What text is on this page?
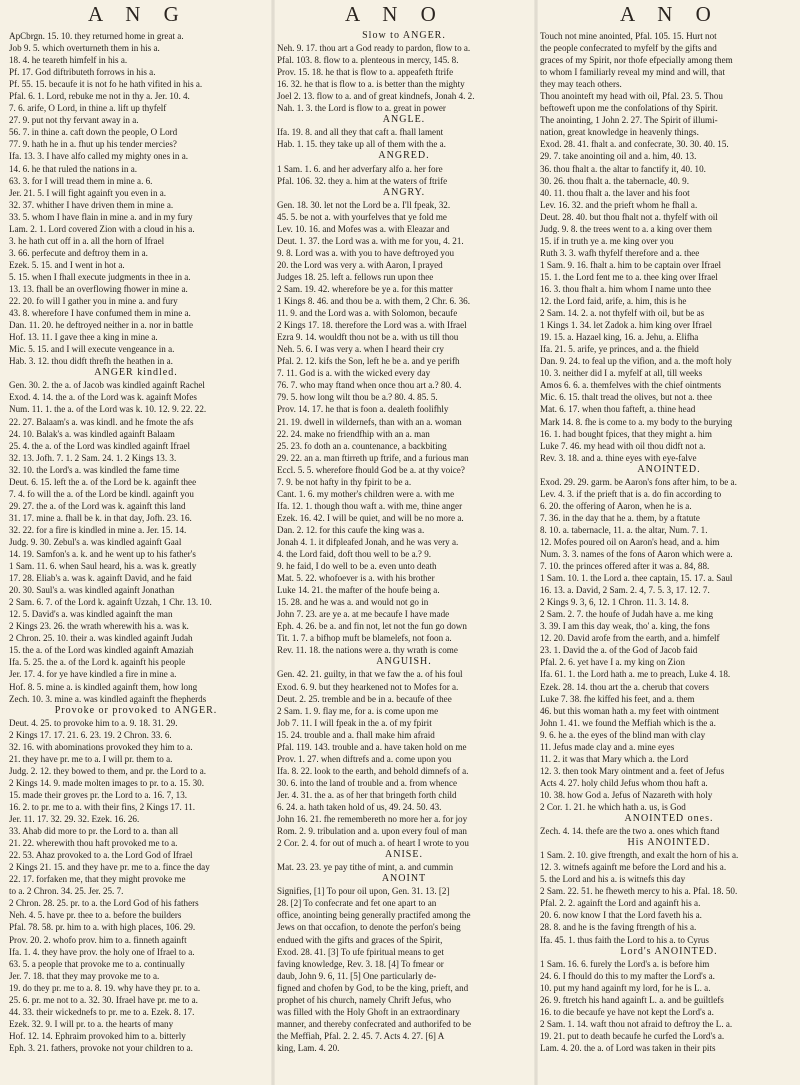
A N G	A N O	A N O
ApCbrgn. 15. 10. they returned home in great a.
Job 9. 5. which overturneth them in his a.
18. 4. he teareth himfelf in his a.
Pf. 17. God diftributeth forrows in his a.
Pf. 55. 15. becaufe it is not fo he hath vifited in his a.
Pfal. 6. 1. Lord, rebuke me not in thy a. Jer. 10. 4.
7. 6. arife, O Lord, in thine a. lift up thyfelf
27. 9. put not thy fervant away in a.
56. 7. in thine a. caft down the people, O Lord
77. 9. hath he in a. fhut up his tender mercies?
Ifa. 13. 3. I have alfo called my mighty ones in a.
14. 6. he that ruled the nations in a.
63. 3. for I will tread them in mine a. 6.
Jer. 21. 5. I will fight againft you even in a.
32. 37. whither I have driven them in mine a.
33. 5. whom I have flain in mine a. and in my fury
Lam. 2. 1. Lord covered Zion with a cloud in his a.
3. he hath cut off in a. all the horn of Ifrael
3. 66. perfecute and deftroy them in a.
Ezek. 5. 15. and I went in hot a.
5. 15. when I fhall execute judgments in thee in a.
13. 13. fhall be an overflowing fhower in mine a.
22. 20. fo will I gather you in mine a. and fury
43. 8. wherefore I have confumed them in mine a.
Dan. 11. 20. he deftroyed neither in a. nor in battle
Hof. 13. 11. I gave thee a king in mine a.
Mic. 5. 15. and I will execute vengeance in a.
Hab. 3. 12. thou didft threfh the heathen in a.
ANGER kindled.
Gen. 30. 2. the a. of Jacob was kindled againft Rachel
Exod. 4. 14. the a. of the Lord was k. againft Mofes
Num. 11. 1. the a. of the Lord was k. 10. 12. 9. 22. 22.
22. 27. Balaam's a. was kindl. and he fmote the afs
24. 10. Balak's a. was kindled againft Balaam
25. 4. the a. of the Lord was kindled againft Ifrael
32. 13. Jofh. 7. 1. 2 Sam. 24. 1. 2 Kings 13. 3.
32. 10. the Lord's a. was kindled the fame time
Deut. 6. 15. left the a. of the Lord be k. againft thee
7. 4. fo will the a. of the Lord be kindl. againft you
29. 27. the a. of the Lord was k. againft this land
31. 17. mine a. fhall be k. in that day, Jofh. 23. 16.
32. 22. for a fire is kindled in mine a. Jer. 15. 14.
Judg. 9. 30. Zebul's a. was kindled againft Gaal
14. 19. Samfon's a. k. and he went up to his father's
1 Sam. 11. 6. when Saul heard, his a. was k. greatly
17. 28. Eliab's a. was k. againft David, and he faid
20. 30. Saul's a. was kindled againft Jonathan
2 Sam. 6. 7. of the Lord k. againft Uzzah, 1 Chr. 13. 10.
12. 5. David's a. was kindled againft the man
2 Kings 23. 26. the wrath wherewith his a. was k.
2 Chron. 25. 10. their a. was kindled againft Judah
15. the a. of the Lord was kindled againft Amaziah
Ifa. 5. 25. the a. of the Lord k. againft his people
Jer. 17. 4. for ye have kindled a fire in mine a.
Hof. 8. 5. mine a. is kindled againft them, how long
Zech. 10. 3. mine a. was kindled againft the fhepherds
Provoke or provoked to ANGER.
Deut. 4. 25. to provoke him to a. 9. 18. 31. 29.
2 Kings 17. 17. 21. 6. 23. 19. 2 Chron. 33. 6.
32. 16. with abominations provoked they him to a.
21. they have pr. me to a. I will pr. them to a.
Judg. 2. 12. they bowed to them, and pr. the Lord to a.
2 Kings 14. 9. made molten images to pr. to a. 15. 30.
15. made their groves pr. the Lord to a. 16. 7, 13.
16. 2. to pr. me to a. with their fins, 2 Kings 17. 11.
Jer. 11. 17. 32. 29. 32. Ezek. 16. 26.
33. Ahab did more to pr. the Lord to a. than all
21. 22. wherewith thou haft provoked me to a.
22. 53. Ahaz provoked to a. the Lord God of Ifrael
2 Kings 21. 15. and they have pr. me to a. fince the day
22. 17. forfaken me, that they might provoke me
to a. 2 Chron. 34. 25. Jer. 25. 7.
2 Chron. 28. 25. pr. to a. the Lord God of his fathers
Neh. 4. 5. have pr. thee to a. before the builders
Pfal. 78. 58. pr. him to a. with high places, 106. 29.
Prov. 20. 2. whofo prov. him to a. finneth againft
Ifa. 1. 4. they have prov. the holy one of Ifrael to a.
63. 5. a people that provoke me to a. continually
Jer. 7. 18. that they may provoke me to a.
19. do they pr. me to a. 8. 19. why have they pr. to a.
25. 6. pr. me not to a. 32. 30. Ifrael have pr. me to a.
44. 33. their wickednefs to pr. me to a. Ezek. 8. 17.
Ezek. 32. 9. I will pr. to a. the hearts of many
Hof. 12. 14. Ephraim provoked him to a. bitterly
Eph. 3. 21. fathers, provoke not your children to a.
Slow to ANGER.
Neh. 9. 17. thou art a God ready to pardon, flow to a.
Pfal. 103. 8. flow to a. plenteous in mercy, 145. 8.
Prov. 15. 18. he that is flow to a. appeafeth ftrife
16. 32. he that is flow to a. is better than the mighty
Joel 2. 13. flow to a. and of great kindnefs, Jonah 4. 2.
Nah. 1. 3. the Lord is flow to a. great in power
ANGLE.
Ifa. 19. 8. and all they that caft a. fhall lament
Hab. 1. 15. they take up all of them with the a.
ANGRED.
1 Sam. 1. 6. and her adverfary alfo a. her fore
Pfal. 106. 32. they a. him at the waters of ftrife
ANGRY.
Gen. 18. 30. let not the Lord be a. I'll fpeak, 32.
45. 5. be not a. with yourfelves that ye fold me
Lev. 10. 16. and Mofes was a. with Eleazar and
Deut. 1. 37. the Lord was a. with me for you, 4. 21.
9. 8. Lord was a. with you to have deftroyed you
20. the Lord was very a. with Aaron, I prayed
Judges 18. 25. left a. fellows run upon thee
2 Sam. 19. 42. wherefore be ye a. for this matter
1 Kings 8. 46. and thou be a. with them, 2 Chr. 6. 36.
11. 9. and the Lord was a. with Solomon, becaufe
2 Kings 17. 18. therefore the Lord was a. with Ifrael
Ezra 9. 14. wouldft thou not be a. with us till thou
Neh. 5. 6. I was very a. when I heard their cry
Pfal. 2. 12. kifs the Son, left he be a. and ye perifh
7. 11. God is a. with the wicked every day
76. 7. who may ftand when once thou art a.? 80. 4.
79. 5. how long wilt thou be a.? 80. 4. 85. 5.
Prov. 14. 17. he that is foon a. dealeth foolifhly
21. 19. dwell in wildernefs, than with an a. woman
22. 24. make no friendfhip with an a. man
25. 23. fo doth an a. countenance, a backbiting
29. 22. an a. man ftirreth up ftrife, and a furious man
Eccl. 5. 5. wherefore fhould God be a. at thy voice?
7. 9. be not hafty in thy fpirit to be a.
Cant. 1. 6. my mother's children were a. with me
Ifa. 12. 1. though thou waft a. with me, thine anger
Ezek. 16. 42. I will be quiet, and will be no more a.
Dan. 2. 12. for this caufe the king was a.
Jonah 4. 1. it difpleafed Jonah, and he was very a.
4. the Lord faid, doft thou well to be a.? 9.
9. he faid, I do well to be a. even unto death
Mat. 5. 22. whofoever is a. with his brother
Luke 14. 21. the mafter of the houfe being a.
15. 28. and he was a. and would not go in
John 7. 23. are ye a. at me becaufe I have made
Eph. 4. 26. be a. and fin not, let not the fun go down
Tit. 1. 7. a bifhop muft be blamelefs, not foon a.
Rev. 11. 18. the nations were a. thy wrath is come
ANGUISH.
Gen. 42. 21. guilty, in that we faw the a. of his foul
Exod. 6. 9. but they hearkened not to Mofes for a.
Deut. 2. 25. tremble and be in a. becaufe of thee
2 Sam. 1. 9. flay me, for a. is come upon me
Job 7. 11. I will fpeak in the a. of my fpirit
15. 24. trouble and a. fhall make him afraid
Pfal. 119. 143. trouble and a. have taken hold on me
Prov. 1. 27. when diftrefs and a. come upon you
Ifa. 8. 22. look to the earth, and behold dimnefs of a.
30. 6. into the land of trouble and a. from whence
Jer. 4. 31. the a. as of her that bringeth forth child
6. 24. a. hath taken hold of us, 49. 24. 50. 43.
John 16. 21. fhe remembereth no more her a. for joy
Rom. 2. 9. tribulation and a. upon every foul of man
2 Cor. 2. 4. for out of much a. of heart I wrote to you
ANISE.
Mat. 23. 23. ye pay tithe of mint, a. and cummin
ANOINT
Signifies, [1] To pour oil upon, Gen. 31. 13. [2]
28. [2] To confecrate and fet one apart to an
office, anointing being generally practifed among the
Jews on that occafion, to denote the perfon's being
endued with the gifts and graces of the Spirit,
Exod. 28. 41. [3] To ufe fpiritual means to get
faving knowledge, Rev. 3. 18. [4] To fmear or
daub, John 9. 6, 11. [5] One particularly de-
figned and chofen by God, to be the king, prieft, and
prophet of his church, namely Chrift Jefus, who
was filled with the Holy Ghoft in an extraordinary
manner, and thereby confecrated and authorifed to be
the Meffiah, Pfal. 2. 2. 45. 7. Acts 4. 27. [6] A
king, Lam. 4. 20.
Touch not mine anointed, Pfal. 105. 15. Hurt not
the people confecrated to myfelf by the gifts and
graces of my Spirit, nor thofe efpecially among them
to whom I familiarly reveal my mind and will, that
they may teach others.
Thou anointeft my head with oil, Pfal. 23. 5. Thou
beftoweft upon me the confolations of thy Spirit.
The anointing, 1 John 2. 27. The Spirit of illumi-
nation, great knowledge in heavenly things.
Exod. 28. 41. fhalt a. and confecrate, 30. 30. 40. 15.
29. 7. take anointing oil and a. him, 40. 13.
36. thou fhalt a. the altar to fanctify it, 40. 10.
30. 26. thou fhalt a. the tabernacle, 40. 9.
40. 11. thou fhalt a. the laver and his foot
Lev. 16. 32. and the prieft whom he fhall a.
Deut. 28. 40. but thou fhalt not a. thyfelf with oil
Judg. 9. 8. the trees went to a. a king over them
15. if in truth ye a. me king over you
Ruth 3. 3. wafh thyfelf therefore and a. thee
1 Sam. 9. 16. fhalt a. him to be captain over Ifrael
15. 1. the Lord fent me to a. thee king over Ifrael
16. 3. thou fhalt a. him whom I name unto thee
12. the Lord faid, arife, a. him, this is he
2 Sam. 14. 2. a. not thyfelf with oil, but be as
1 Kings 1. 34. let Zadok a. him king over Ifrael
19. 15. a. Hazael king, 16. a. Jehu, a. Elifha
Ifa. 21. 5. arife, ye princes, and a. the fhield
Dan. 9. 24. to feal up the vifion, and a. the moft holy
10. 3. neither did I a. myfelf at all, till weeks
Amos 6. 6. a. themfelves with the chief ointments
Mic. 6. 15. thalt tread the olives, but not a. thee
Mat. 6. 17. when thou fafteft, a. thine head
Mark 14. 8. fhe is come to a. my body to the burying
16. 1. had bought fpices, that they might a. him
Luke 7. 46. my head with oil thou didft not a.
Rev. 3. 18. and a. thine eyes with eye-falve
ANOINTED.
Exod. 29. 29. garm. be Aaron's fons after him, to be a.
Lev. 4. 3. if the prieft that is a. do fin according to
6. 20. the offering of Aaron, when he is a.
7. 36. in the day that he a. them, by a ftatute
8. 10. a. tabernacle, 11. a. the altar, Num. 7. 1.
12. Mofes poured oil on Aaron's head, and a. him
Num. 3. 3. names of the fons of Aaron which were a.
7. 10. the princes offered after it was a. 84, 88.
1 Sam. 10. 1. the Lord a. thee captain, 15. 17. a. Saul
16. 13. a. David, 2 Sam. 2. 4, 7. 5. 3, 17. 12. 7.
2 Kings 9. 3, 6, 12. 1 Chron. 11. 3. 14. 8.
2 Sam. 2. 7. the houfe of Judah have a. me king
3. 39. I am this day weak, tho' a. king, the fons
12. 20. David arofe from the earth, and a. himfelf
23. 1. David the a. of the God of Jacob faid
Pfal. 2. 6. yet have I a. my king on Zion
Ifa. 61. 1. the Lord hath a. me to preach, Luke 4. 18.
Ezek. 28. 14. thou art the a. cherub that covers
Luke 7. 38. fhe kiffed his feet, and a. them
46. but this woman hath a. my feet with ointment
John 1. 41. we found the Meffiah which is the a.
9. 6. he a. the eyes of the blind man with clay
11. Jefus made clay and a. mine eyes
11. 2. it was that Mary which a. the Lord
12. 3. then took Mary ointment and a. feet of Jefus
Acts 4. 27. holy child Jefus whom thou haft a.
10. 38. how God a. Jefus of Nazareth with holy
2 Cor. 1. 21. he which hath a. us, is God
ANOINTED ones.
Zech. 4. 14. thefe are the two a. ones which ftand
His ANOINTED.
1 Sam. 2. 10. give ftrength, and exalt the horn of his a.
12. 3. witnefs againft me before the Lord and his a.
5. the Lord and his a. is witnefs this day
2 Sam. 22. 51. he fheweth mercy to his a. Pfal. 18. 50.
Pfal. 2. 2. againft the Lord and againft his a.
20. 6. now know I that the Lord faveth his a.
28. 8. and he is the faving ftrength of his a.
Ifa. 45. 1. thus faith the Lord to his a. to Cyrus
Lord's ANOINTED.
1 Sam. 16. 6. furely the Lord's a. is before him
24. 6. I fhould do this to my mafter the Lord's a.
10. put my hand againft my lord, for he is L. a.
26. 9. ftretch his hand againft L. a. and be guiltlefs
16. to die becaufe ye have not kept the Lord's a.
2 Sam. 1. 14. waft thou not afraid to deftroy the L. a.
19. 21. put to death becaufe he curfed the Lord's a.
Lam. 4. 20. the a. of Lord was taken in their pits
